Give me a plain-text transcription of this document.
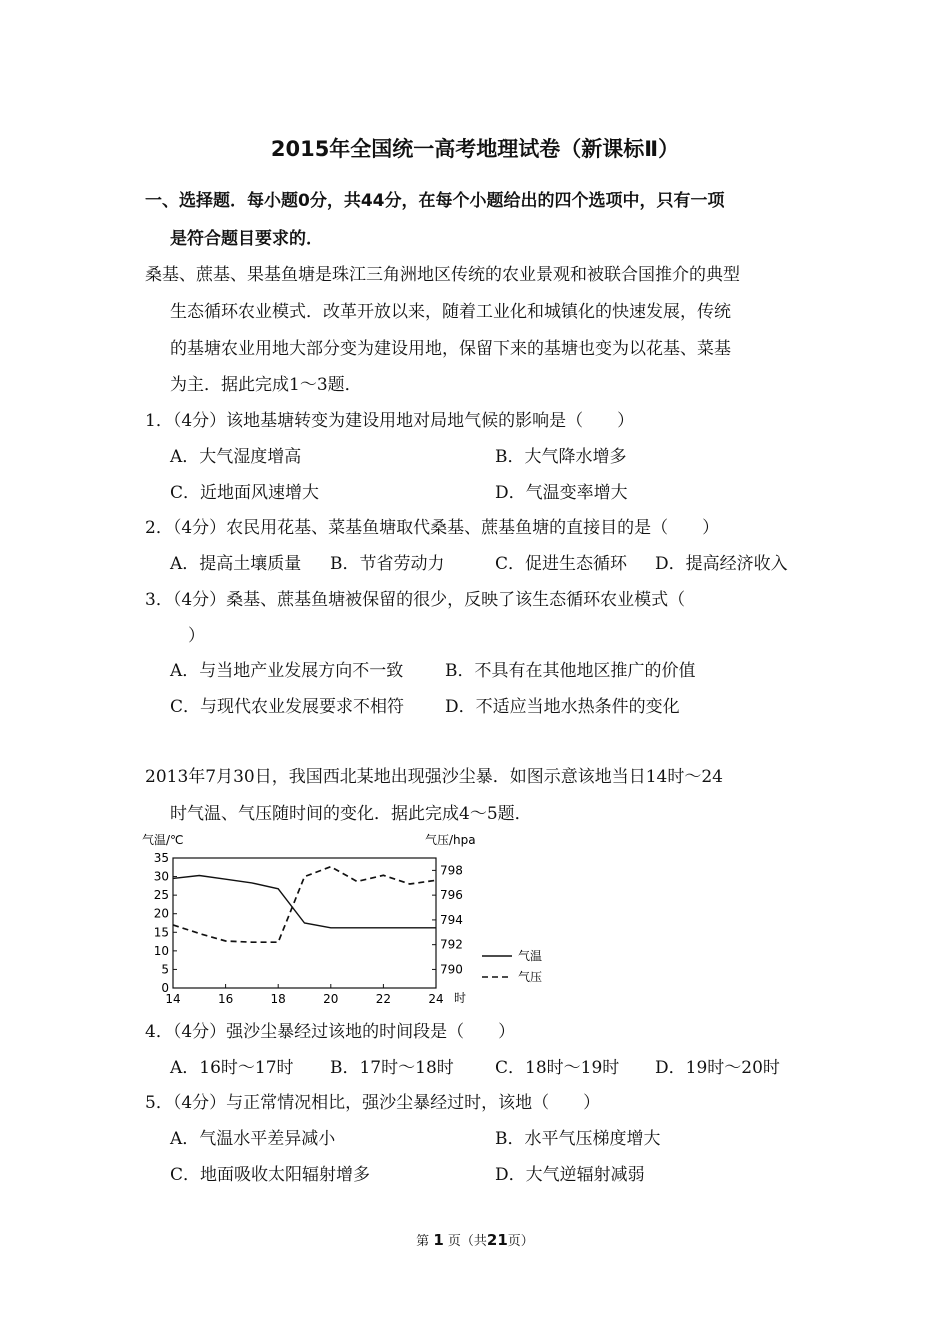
2015年全国统一高考地理试卷（新课标Ⅱ）
一、选择题．每小题0分，共44分，在每个小题给出的四个选项中，只有一项
是符合题目要求的．
桑基、蔗基、果基鱼塘是珠江三角洲地区传统的农业景观和被联合国推介的典型
生态循环农业模式．改革开放以来，随着工业化和城镇化的快速发展，传统
的基塘农业用地大部分变为建设用地，保留下来的基塘也变为以花基、菜基
为主．据此完成1～3题．
1．（4分）该地基塘转变为建设用地对局地气候的影响是（　　）
A．大气湿度增高	B．大气降水增多
C．近地面风速增大	D．气温变率增大
2．（4分）农民用花基、菜基鱼塘取代桑基、蔗基鱼塘的直接目的是（　　）
A．提高土壤质量 B．节省劳动力	C．促进生态循环 D．提高经济收入
3．（4分）桑基、蔗基鱼塘被保留的很少，反映了该生态循环农业模式（
）
A．与当地产业发展方向不一致 B．不具有在其他地区推广的价值
C．与现代农业发展要求不相符 D．不适应当地水热条件的变化
2013年7月30日，我国西北某地出现强沙尘暴．如图示意该地当日14时～24
时气温、气压随时间的变化．据此完成4～5题．
气温/℃	气压/hpa
时
0
5
10
15
20
25
30
35
790
792
794
796
798
14	16	18	20	22	24
气温
气压
4．（4分）强沙尘暴经过该地的时间段是（　　）
A．16时～17时 B．17时～18时 C．18时～19时 D．19时～20时
5．（4分）与正常情况相比，强沙尘暴经过时，该地（　　）
A．气温水平差异减小	B．水平气压梯度增大
C．地面吸收太阳辐射增多	D．大气逆辐射减弱
第 1 页（共21页）
